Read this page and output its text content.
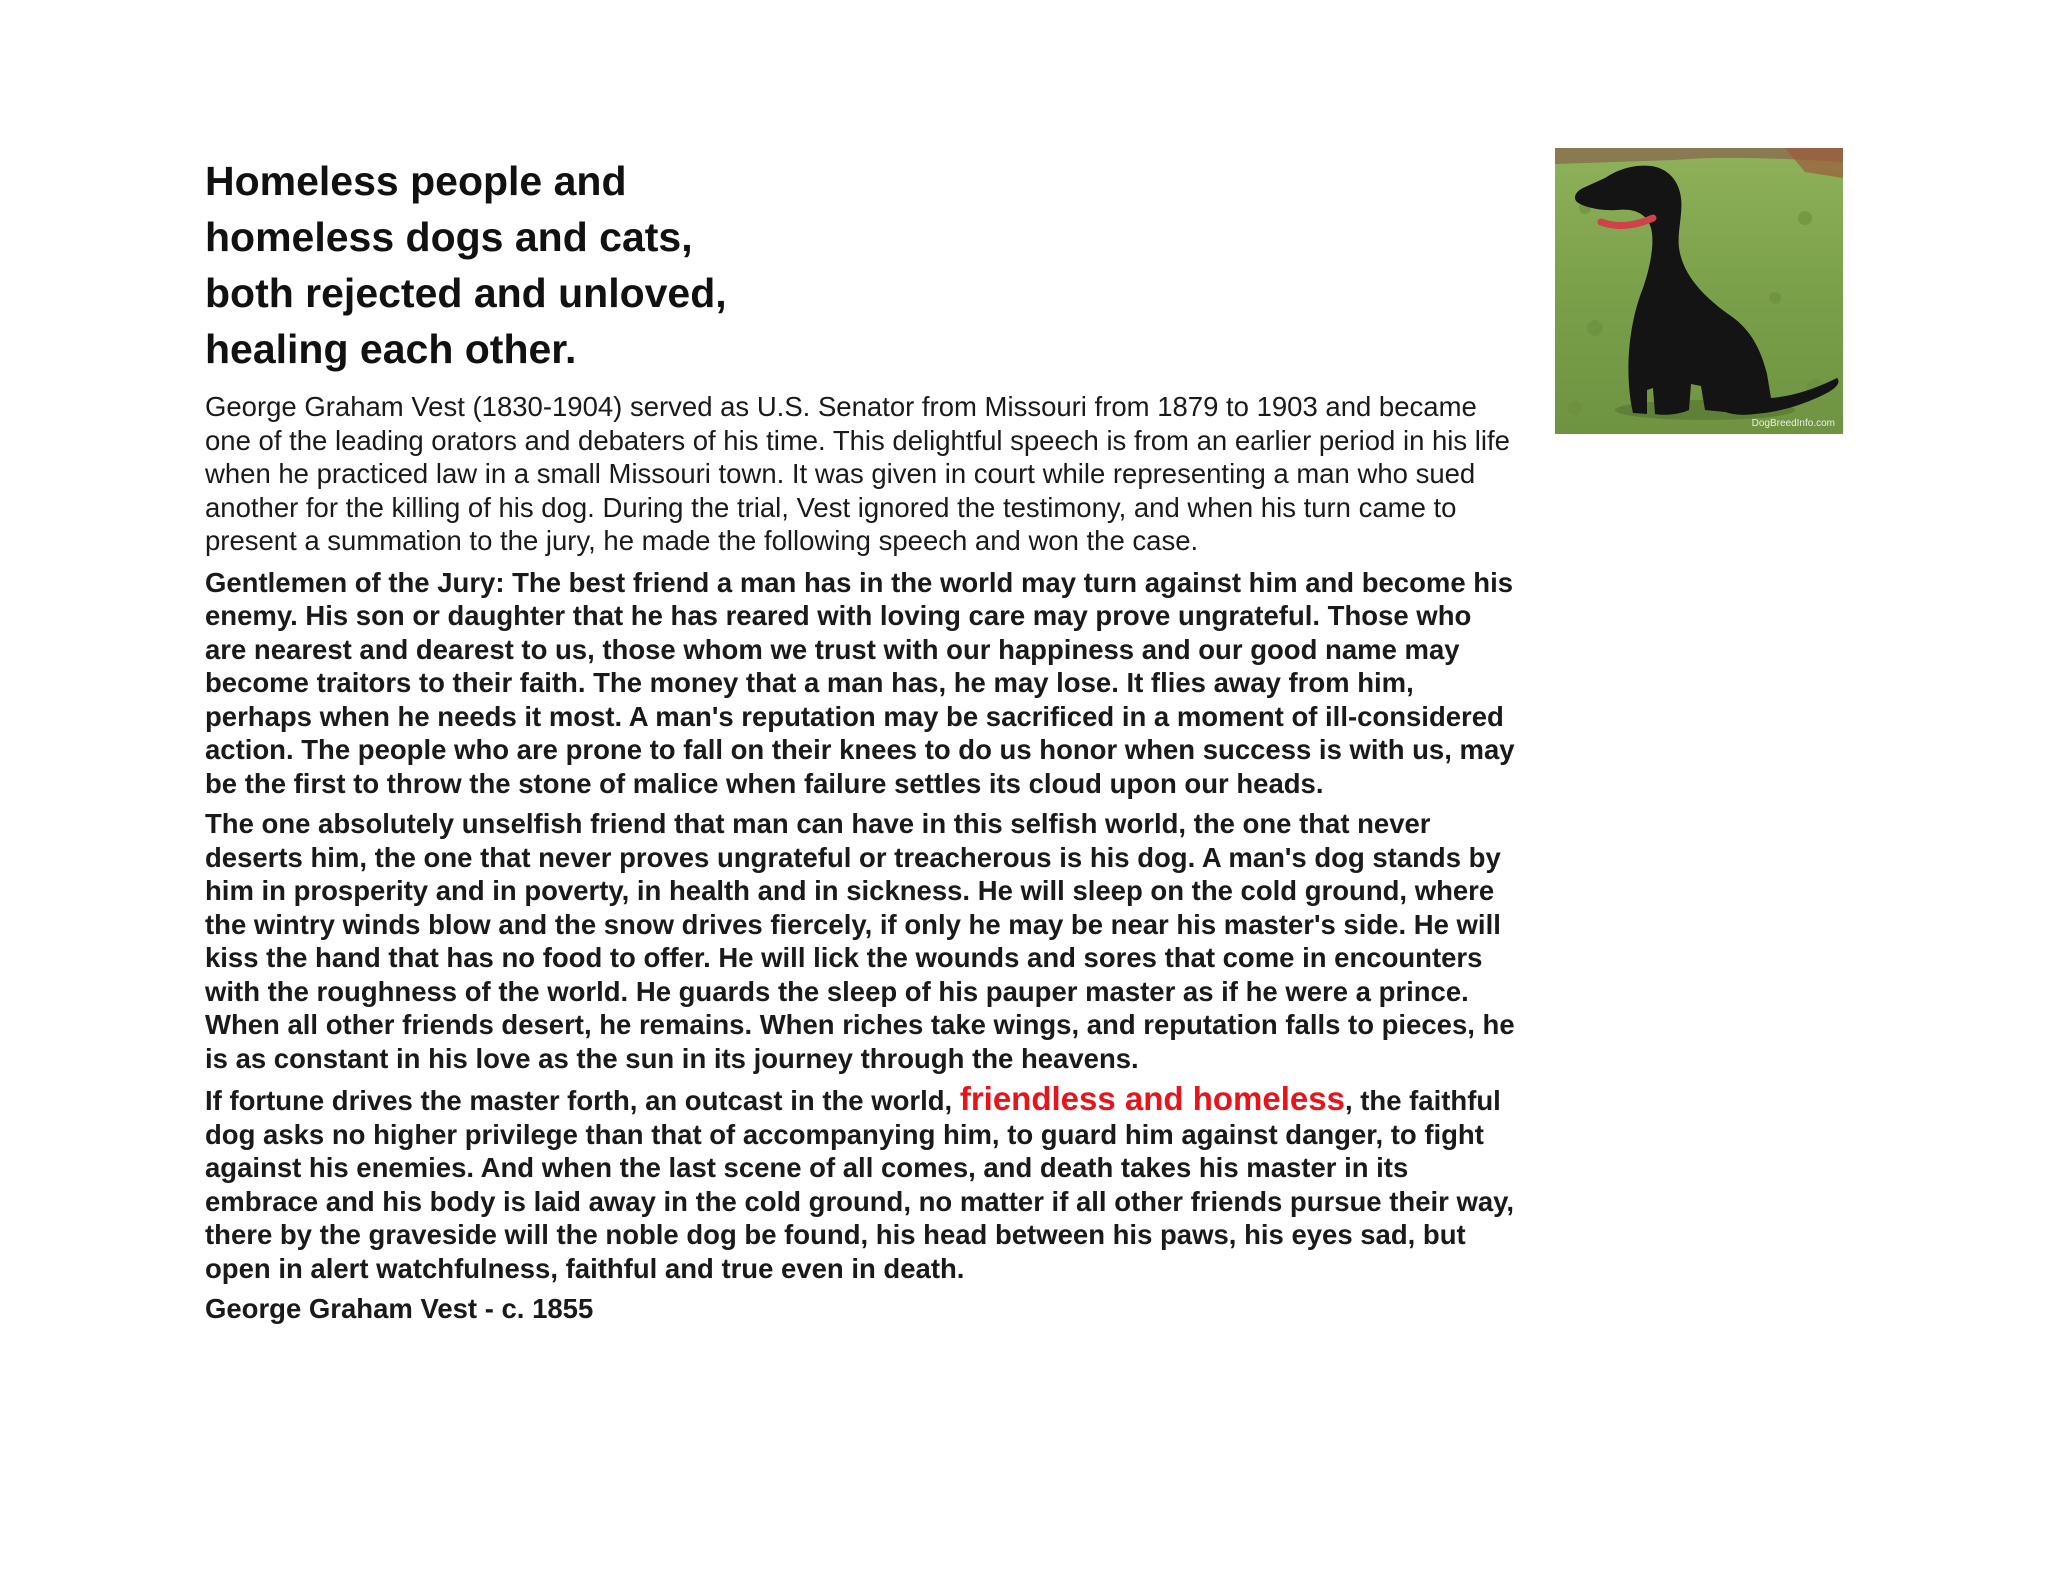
Homeless people and
homeless dogs and cats,
both rejected and unloved,
healing each other.

George Graham Vest (1830-1904) served as U.S. Senator from Missouri from 1879 to 1903 and became one of the leading orators and debaters of his time. This delightful speech is from an earlier period in his life when he practiced law in a small Missouri town. It was given in court while representing a man who sued another for the killing of his dog. During the trial, Vest ignored the testimony, and when his turn came to present a summation to the jury, he made the following speech and won the case.

Gentlemen of the Jury: The best friend a man has in the world may turn against him and become his enemy. His son or daughter that he has reared with loving care may prove ungrateful. Those who are nearest and dearest to us, those whom we trust with our happiness and our good name may become traitors to their faith. The money that a man has, he may lose. It flies away from him, perhaps when he needs it most. A man's reputation may be sacrificed in a moment of ill-considered action. The people who are prone to fall on their knees to do us honor when success is with us, may be the first to throw the stone of malice when failure settles its cloud upon our heads.

The one absolutely unselfish friend that man can have in this selfish world, the one that never deserts him, the one that never proves ungrateful or treacherous is his dog. A man's dog stands by him in prosperity and in poverty, in health and in sickness. He will sleep on the cold ground, where the wintry winds blow and the snow drives fiercely, if only he may be near his master's side. He will kiss the hand that has no food to offer. He will lick the wounds and sores that come in encounters with the roughness of the world. He guards the sleep of his pauper master as if he were a prince. When all other friends desert, he remains. When riches take wings, and reputation falls to pieces, he is as constant in his love as the sun in its journey through the heavens.

If fortune drives the master forth, an outcast in the world, friendless and homeless, the faithful dog asks no higher privilege than that of accompanying him, to guard him against danger, to fight against his enemies. And when the last scene of all comes, and death takes his master in its embrace and his body is laid away in the cold ground, no matter if all other friends pursue their way, there by the graveside will the noble dog be found, his head between his paws, his eyes sad, but open in alert watchfulness, faithful and true even in death.

George Graham Vest - c. 1855

DogBreedInfo.com
